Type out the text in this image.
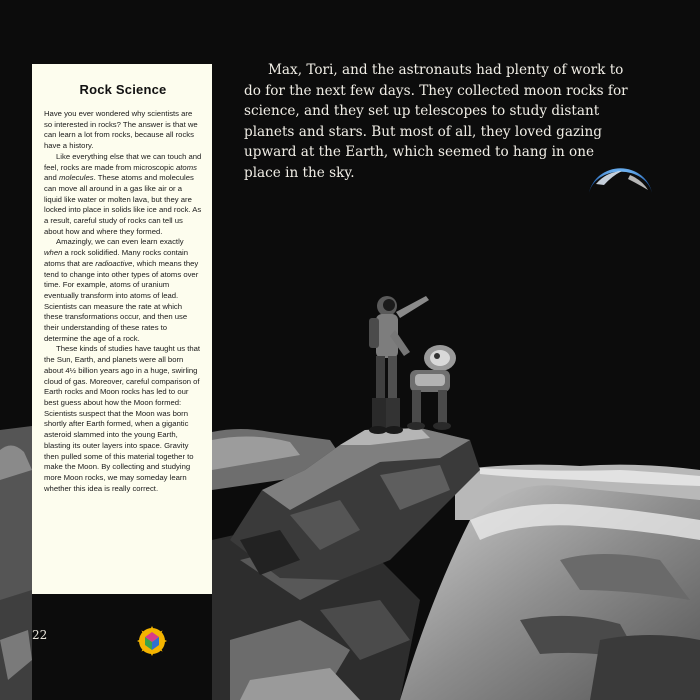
Max, Tori, and the astronauts had plenty of work to do for the next few days. They collected moon rocks for science, and they set up telescopes to study distant planets and stars. But most of all, they loved gazing upward at the Earth, which seemed to hang in one place in the sky.

Rock Science

Have you ever wondered why scientists are so interested in rocks? The answer is that we can learn a lot from rocks, because all rocks have a history.

Like everything else that we can touch and feel, rocks are made from microscopic atoms and molecules. These atoms and molecules can move all around in a gas like air or a liquid like water or molten lava, but they are locked into place in solids like ice and rock. As a result, careful study of rocks can tell us about how and where they formed.

Amazingly, we can even learn exactly when a rock solidified. Many rocks contain atoms that are radioactive, which means they tend to change into other types of atoms over time. For example, atoms of uranium eventually transform into atoms of lead. Scientists can measure the rate at which these transformations occur, and then use their understanding of these rates to determine the age of a rock.

These kinds of studies have taught us that the Sun, Earth, and planets were all born about 4½ billion years ago in a huge, swirling cloud of gas. Moreover, careful comparison of Earth rocks and Moon rocks has led to our best guess about how the Moon formed: Scientists suspect that the Moon was born shortly after Earth formed, when a gigantic asteroid slammed into the young Earth, blasting its outer layers into space. Gravity then pulled some of this material together to make the Moon. By collecting and studying more Moon rocks, we may someday learn whether this idea is really correct.

22
